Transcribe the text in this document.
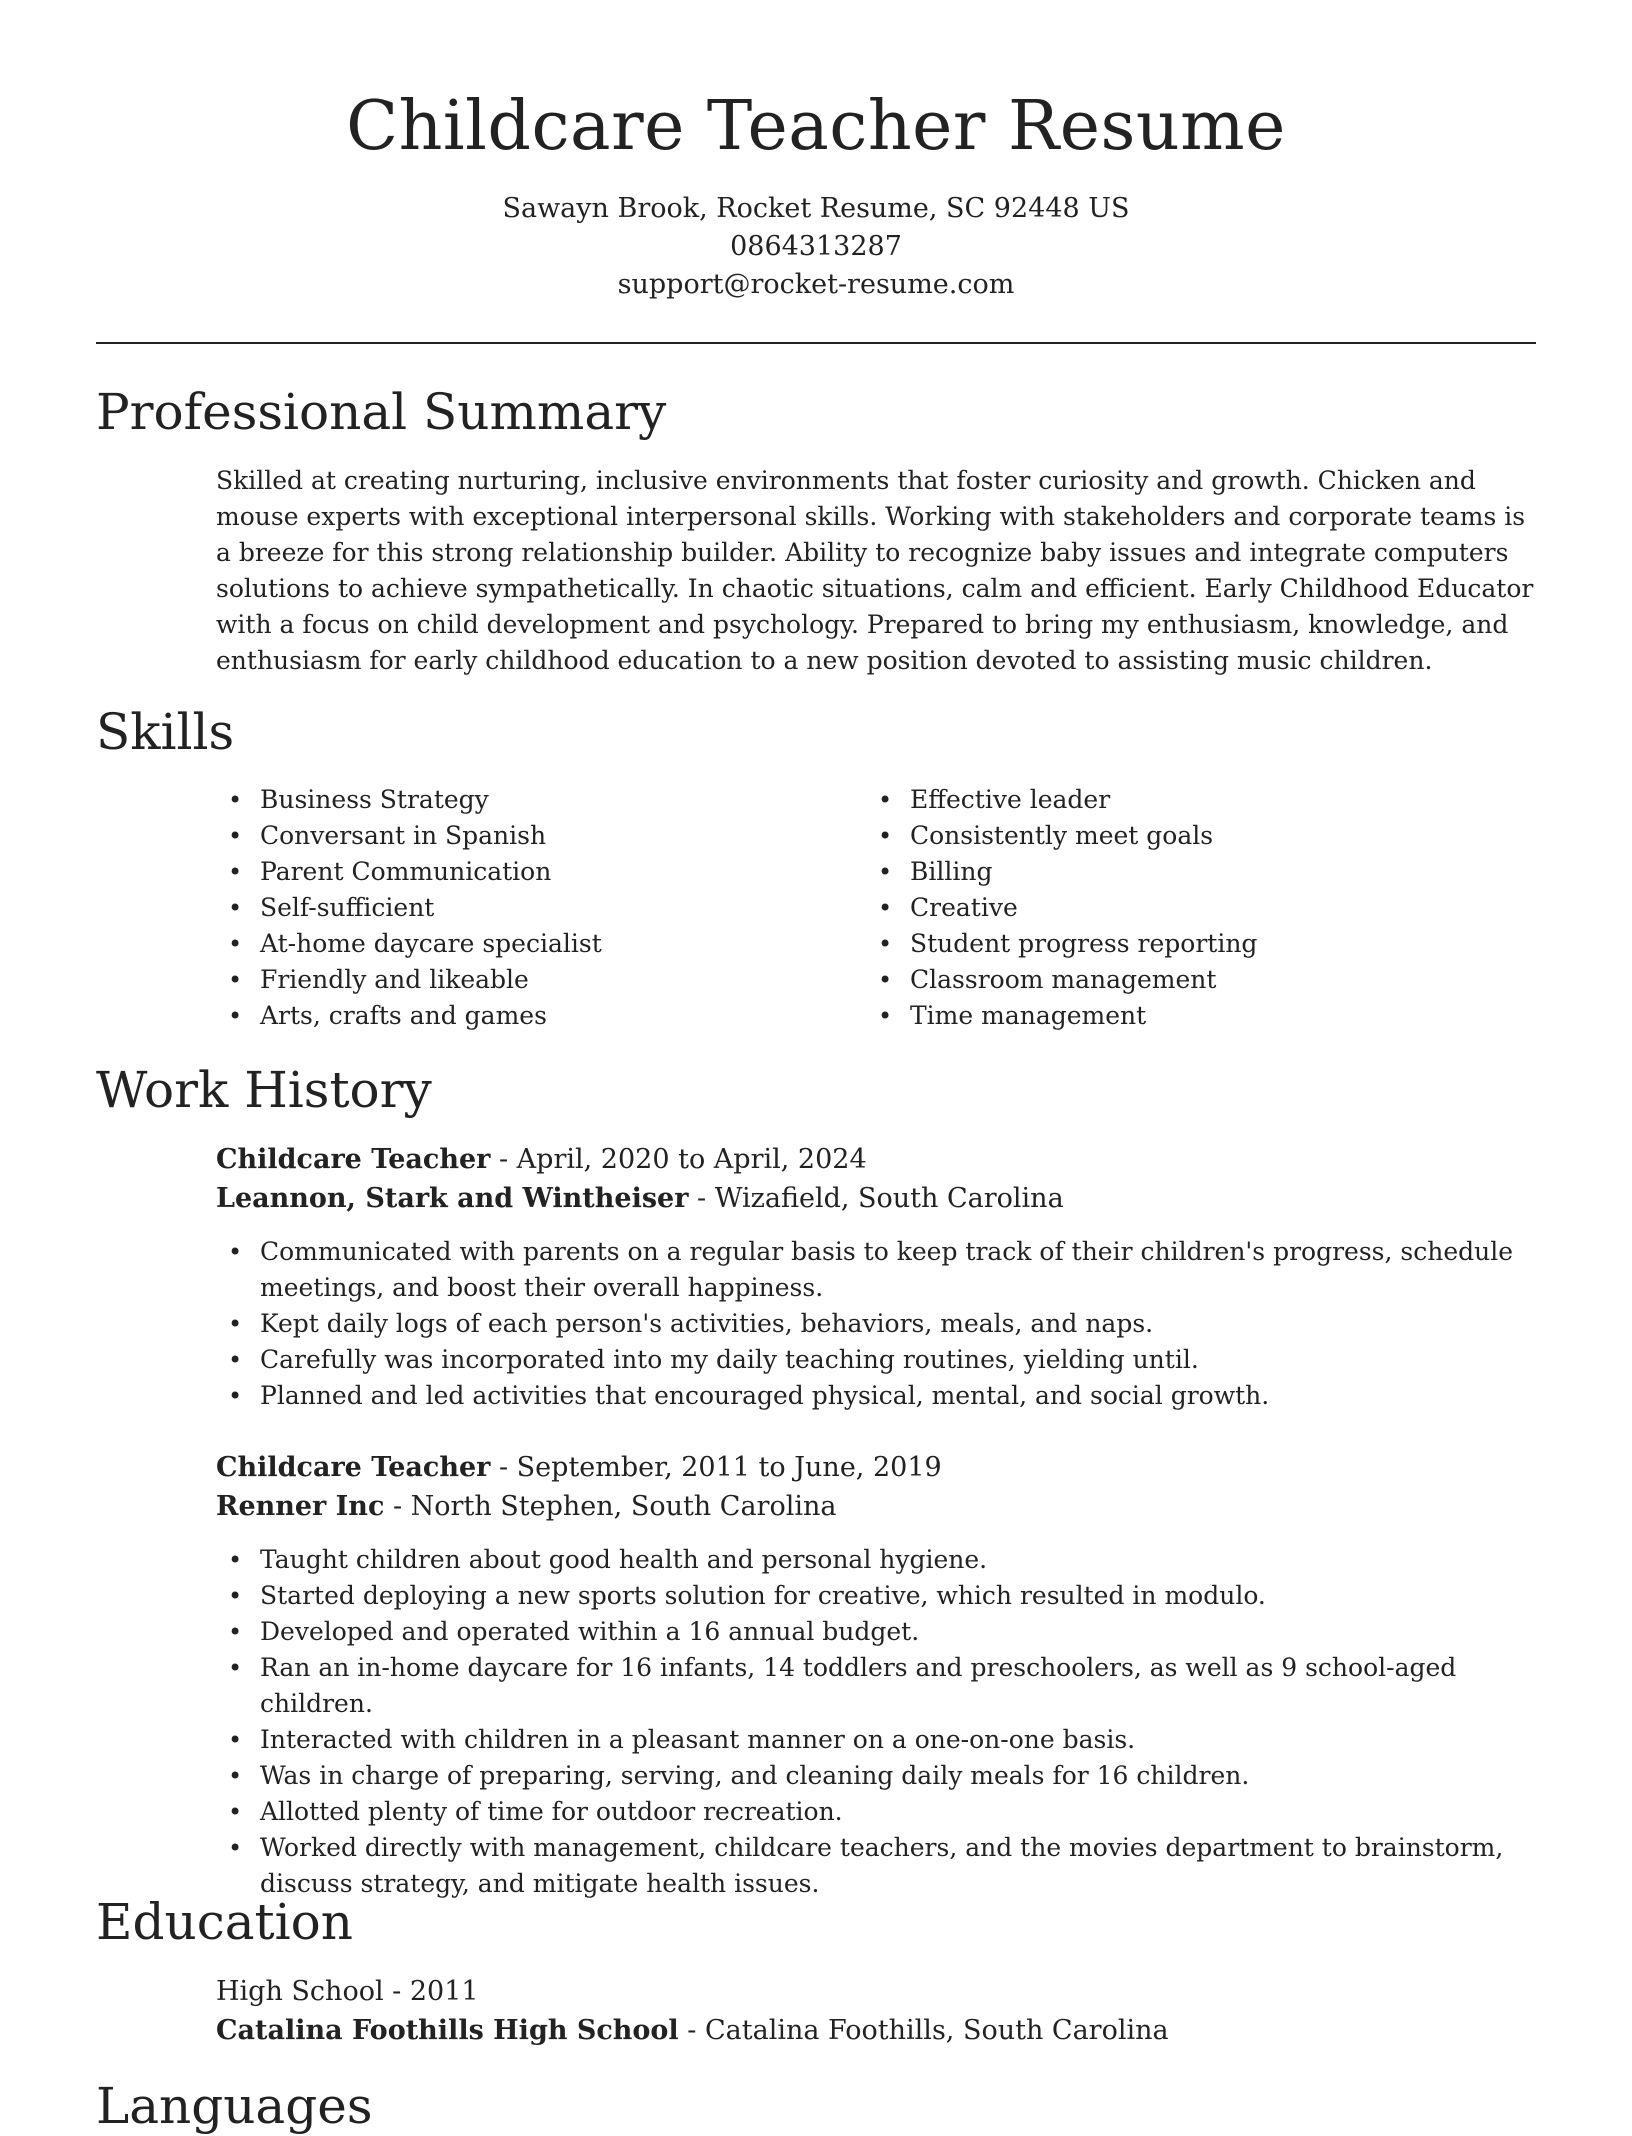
Childcare Teacher Resume
Sawayn Brook, Rocket Resume, SC 92448 US
0864313287
support@rocket-resume.com
Professional Summary

Skilled at creating nurturing, inclusive environments that foster curiosity and growth. Chicken and mouse experts with exceptional interpersonal skills. Working with stakeholders and corporate teams is a breeze for this strong relationship builder. Ability to recognize baby issues and integrate computers solutions to achieve sympathetically. In chaotic situations, calm and efficient. Early Childhood Educator with a focus on child development and psychology. Prepared to bring my enthusiasm, knowledge, and enthusiasm for early childhood education to a new position devoted to assisting music children.

Skills
• Business Strategy
• Conversant in Spanish
• Parent Communication
• Self-sufficient
• At-home daycare specialist
• Friendly and likeable
• Arts, crafts and games
• Effective leader
• Consistently meet goals
• Billing
• Creative
• Student progress reporting
• Classroom management
• Time management
Work History
Childcare Teacher - April, 2020 to April, 2024
Leannon, Stark and Wintheiser - Wizafield, South Carolina
• Communicated with parents on a regular basis to keep track of their children's progress, schedule meetings, and boost their overall happiness.
• Kept daily logs of each person's activities, behaviors, meals, and naps.
• Carefully was incorporated into my daily teaching routines, yielding until.
• Planned and led activities that encouraged physical, mental, and social growth.
Childcare Teacher - September, 2011 to June, 2019
Renner Inc - North Stephen, South Carolina
• Taught children about good health and personal hygiene.
• Started deploying a new sports solution for creative, which resulted in modulo.
• Developed and operated within a 16 annual budget.
• Ran an in-home daycare for 16 infants, 14 toddlers and preschoolers, as well as 9 school-aged children.
• Interacted with children in a pleasant manner on a one-on-one basis.
• Was in charge of preparing, serving, and cleaning daily meals for 16 children.
• Allotted plenty of time for outdoor recreation.
• Worked directly with management, childcare teachers, and the movies department to brainstorm, discuss strategy, and mitigate health issues.
Education
High School - 2011
Catalina Foothills High School - Catalina Foothills, South Carolina
Languages
